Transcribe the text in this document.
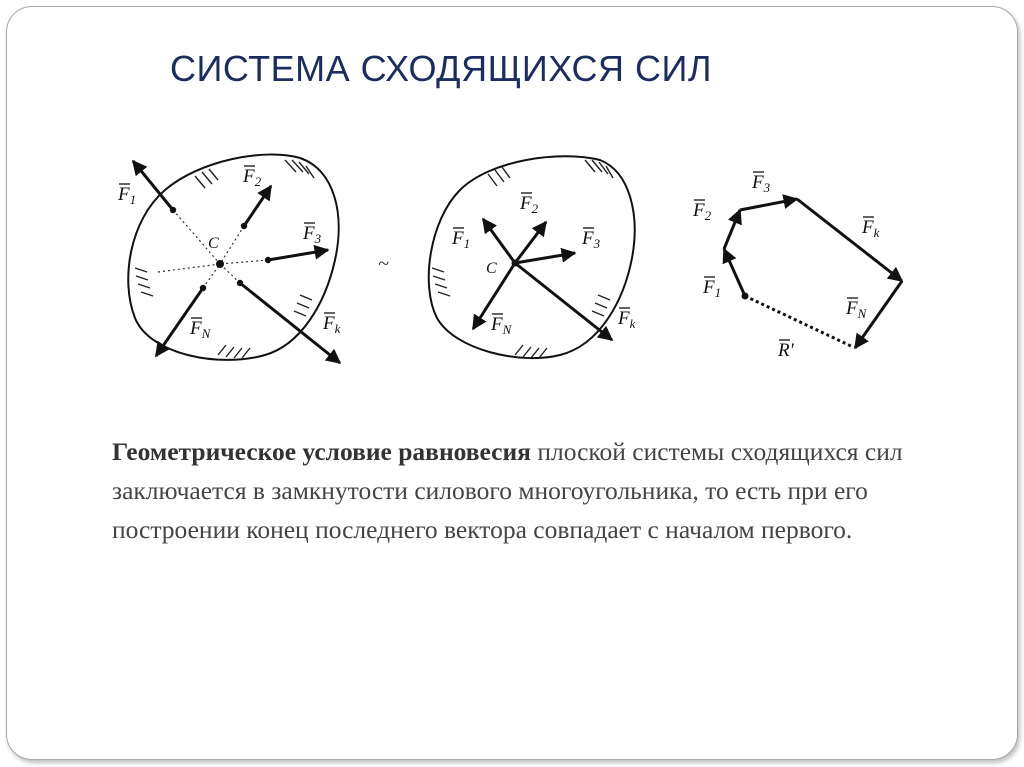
СИСТЕМА СХОДЯЩИХСЯ СИЛ
C
$F_1$
$F_2$
$F_3$
$F_k$
$F_N$
~	C
$F_1$
$F_2$
$F_3$
$F_k$
$F_N$
$F_1$
$F_2$
$F_3$
$F_k$
$F_N$
R′
Геометрическое условие равновесия плоской системы сходящихся сил заключается в замкнутости силового многоугольника, то есть при его построении конец последнего вектора совпадает с началом первого.
